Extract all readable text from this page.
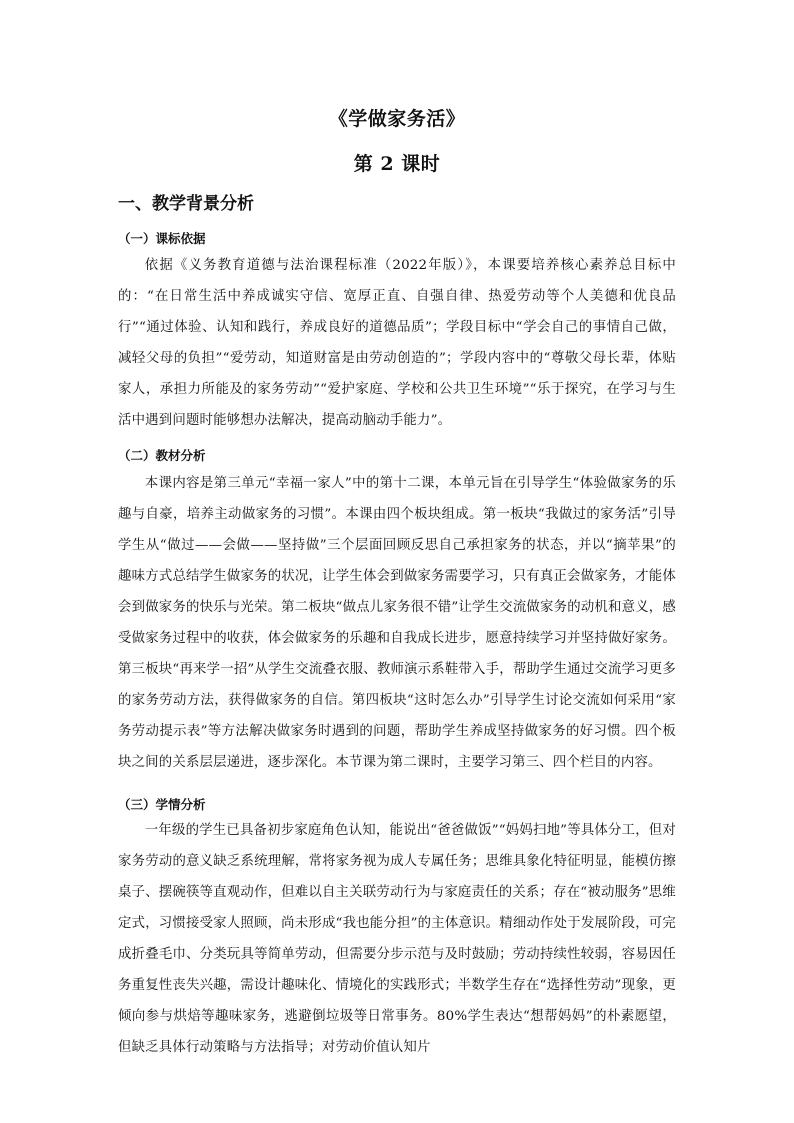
《学做家务活》
第 2 课时
一、教学背景分析
（一）课标依据

依据《义务教育道德与法治课程标准（2022年版）》，本课要培养核心素养总目标中的：“在日常生活中养成诚实守信、宽厚正直、自强自律、热爱劳动等个人美德和优良品行”“通过体验、认知和践行，养成良好的道德品质”；学段目标中“学会自己的事情自己做，减轻父母的负担”“爱劳动，知道财富是由劳动创造的”；学段内容中的“尊敬父母长辈，体贴家人，承担力所能及的家务劳动”“爱护家庭、学校和公共卫生环境”“乐于探究，在学习与生活中遇到问题时能够想办法解决，提高动脑动手能力”。

（二）教材分析

本课内容是第三单元“幸福一家人”中的第十二课，本单元旨在引导学生“体验做家务的乐趣与自豪，培养主动做家务的习惯”。本课由四个板块组成。第一板块“我做过的家务活”引导学生从“做过——会做——坚持做”三个层面回顾反思自己承担家务的状态，并以“摘苹果”的趣味方式总结学生做家务的状况，让学生体会到做家务需要学习，只有真正会做家务，才能体会到做家务的快乐与光荣。第二板块“做点儿家务很不错”让学生交流做家务的动机和意义，感受做家务过程中的收获，体会做家务的乐趣和自我成长进步，愿意持续学习并坚持做好家务。第三板块“再来学一招”从学生交流叠衣服、教师演示系鞋带入手，帮助学生通过交流学习更多的家务劳动方法，获得做家务的自信。第四板块“这时怎么办”引导学生讨论交流如何采用“家务劳动提示表”等方法解决做家务时遇到的问题，帮助学生养成坚持做家务的好习惯。四个板块之间的关系层层递进，逐步深化。本节课为第二课时，主要学习第三、四个栏目的内容。

（三）学情分析

一年级的学生已具备初步家庭角色认知，能说出“爸爸做饭”“妈妈扫地”等具体分工，但对家务劳动的意义缺乏系统理解，常将家务视为成人专属任务；思维具象化特征明显，能模仿擦桌子、摆碗筷等直观动作，但难以自主关联劳动行为与家庭责任的关系；存在“被动服务”思维定式，习惯接受家人照顾，尚未形成“我也能分担”的主体意识。精细动作处于发展阶段，可完成折叠毛巾、分类玩具等简单劳动，但需要分步示范与及时鼓励；劳动持续性较弱，容易因任务重复性丧失兴趣，需设计趣味化、情境化的实践形式；半数学生存在“选择性劳动”现象，更倾向参与烘焙等趣味家务，逃避倒垃圾等日常事务。80%学生表达“想帮妈妈”的朴素愿望，但缺乏具体行动策略与方法指导；对劳动价值认知片
